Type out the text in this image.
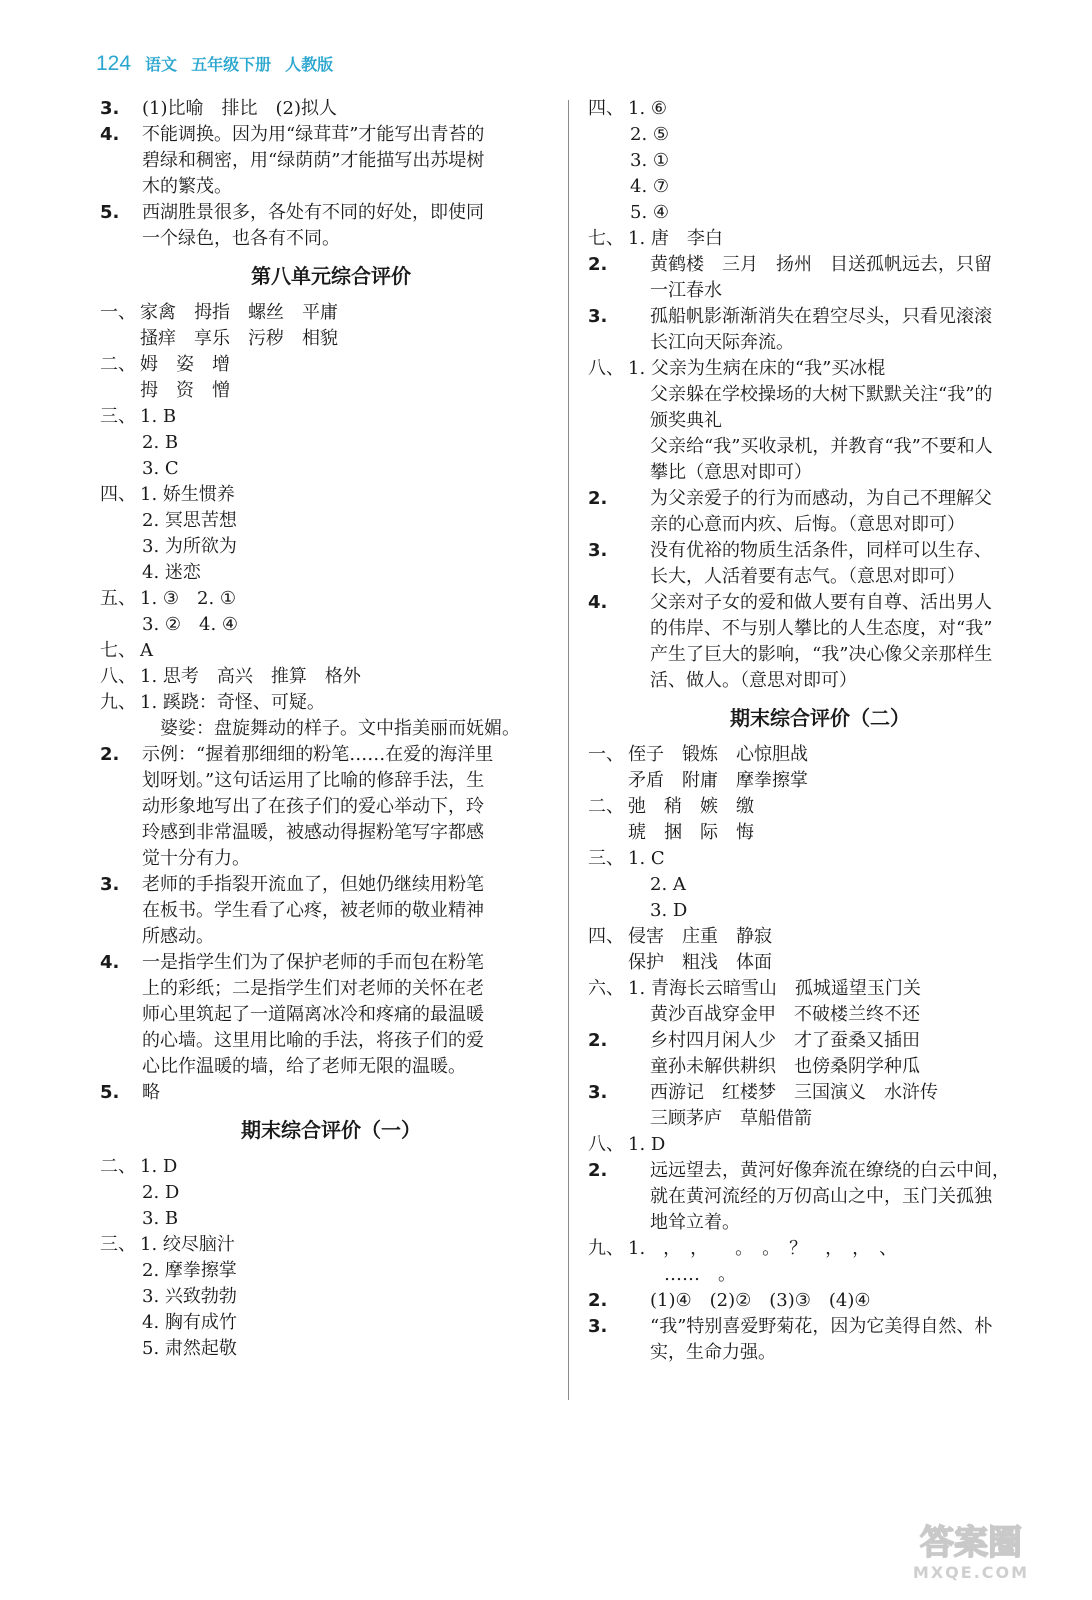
124 语文 五年级下册 人教版
3.	(1)比喻　排比　(2)拟人
4.	不能调换。因为用“绿茸茸”才能写出青苔的
碧绿和稠密，用“绿荫荫”才能描写出苏堤树
木的繁茂。
5.	西湖胜景很多，各处有不同的好处，即使同
一个绿色，也各有不同。
第八单元综合评价
一、 家禽　拇指　螺丝　平庸
搔痒　享乐　污秽　相貌
二、 姆　姿　增
拇　资　憎
三、 1. B
2. B
3. C
四、 1. 娇生惯养
2. 冥思苦想
3. 为所欲为
4. 迷恋
五、 1. ③　2. ①
3. ②　4. ④
七、 A
八、 1. 思考　高兴　推算　格外
九、 1. 蹊跷：奇怪、可疑。
　婆娑：盘旋舞动的样子。文中指美丽而妩媚。
2.	示例：“握着那细细的粉笔……在爱的海洋里
划呀划。”这句话运用了比喻的修辞手法，生
动形象地写出了在孩子们的爱心举动下，玲
玲感到非常温暖，被感动得握粉笔写字都感
觉十分有力。
3.	老师的手指裂开流血了，但她仍继续用粉笔
在板书。学生看了心疼，被老师的敬业精神
所感动。
4.	一是指学生们为了保护老师的手而包在粉笔
上的彩纸；二是指学生们对老师的关怀在老
师心里筑起了一道隔离冰冷和疼痛的最温暖
的心墙。这里用比喻的手法，将孩子们的爱
心比作温暖的墙，给了老师无限的温暖。
5.	略
期末综合评价（一）
二、 1. D
2. D
3. B
三、 1. 绞尽脑汁
2. 摩拳擦掌
3. 兴致勃勃
4. 胸有成竹
5. 肃然起敬
四、 1. ⑥
2. ⑤
3. ①
4. ⑦
5. ④
七、 1. 唐　李白
2.	黄鹤楼　三月　扬州　目送孤帆远去，只留
一江春水
3.	孤船帆影渐渐消失在碧空尽头，只看见滚滚
长江向天际奔流。
八、 1. 父亲为生病在床的“我”买冰棍
父亲躲在学校操场的大树下默默关注“我”的
颁奖典礼
父亲给“我”买收录机，并教育“我”不要和人
攀比（意思对即可）
2.	为父亲爱子的行为而感动，为自己不理解父
亲的心意而内疚、后悔。（意思对即可）
3.	没有优裕的物质生活条件，同样可以生存、
长大，人活着要有志气。（意思对即可）
4.	父亲对子女的爱和做人要有自尊、活出男人
的伟岸、不与别人攀比的人生态度，对“我”
产生了巨大的影响，“我”决心像父亲那样生
活、做人。（意思对即可）
期末综合评价（二）
一、 侄子　锻炼　心惊胆战
矛盾　附庸　摩拳擦掌
二、 弛　稍　嫉　缴
琥　捆　际　悔
三、 1. C
2. A
3. D
四、 侵害　庄重　静寂
保护　粗浅　体面
六、 1. 青海长云暗雪山　孤城遥望玉门关
黄沙百战穿金甲　不破楼兰终不还
2.	乡村四月闲人少　才了蚕桑又插田
童孙未解供耕织　也傍桑阴学种瓜
3.	西游记　红楼梦　三国演义　水浒传
三顾茅庐　草船借箭
八、 1. D
2.	远远望去，黄河好像奔流在缭绕的白云中间，
就在黄河流经的万仞高山之中，玉门关孤独
地耸立着。
九、 1.　，　，　　。　。　？　，　，　、
　　……　。
2.	(1)④　(2)②　(3)③　(4)④
3.	“我”特别喜爱野菊花，因为它美得自然、朴
实，生命力强。
答案圈
MXQE.COM
